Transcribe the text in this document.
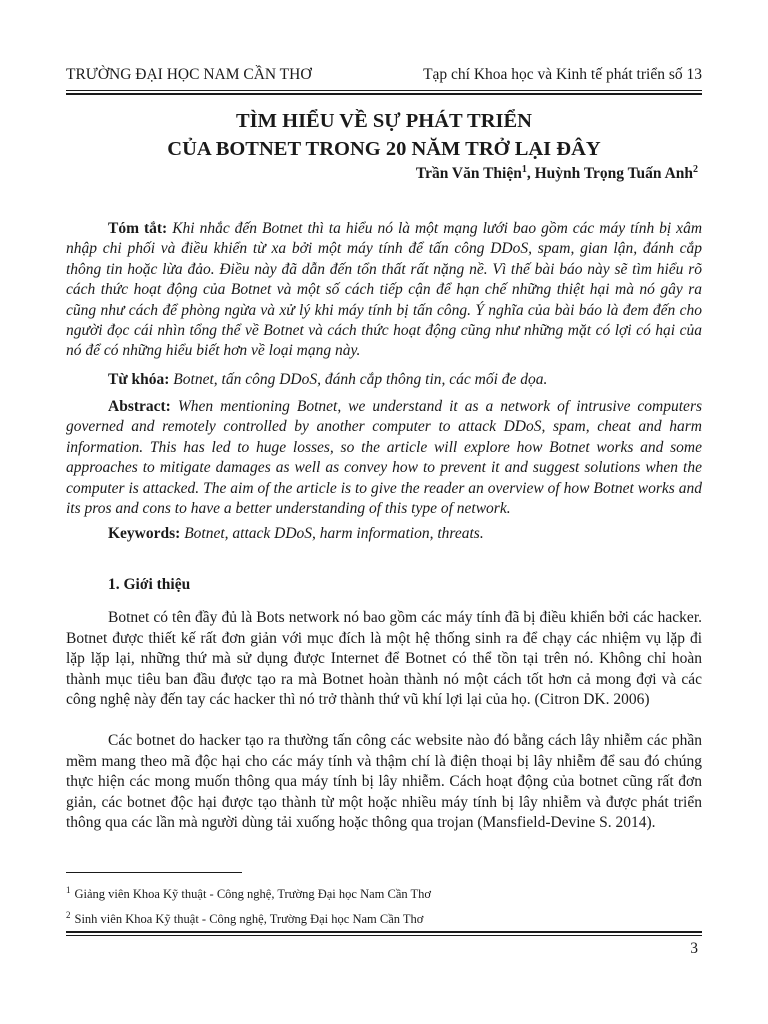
TRƯỜNG ĐẠI HỌC NAM CẦN THƠ	Tạp chí Khoa học và Kinh tế phát triển số 13
TÌM HIỂU VỀ SỰ PHÁT TRIỂN
CỦA BOTNET TRONG 20 NĂM TRỞ LẠI ĐÂY
Trần Văn Thiện$^1$, Huỳnh Trọng Tuấn Anh$^2$
Tóm tắt: Khi nhắc đến Botnet thì ta hiểu nó là một mạng lưới bao gồm các máy tính bị xâm nhập chi phối và điều khiển từ xa bởi một máy tính để tấn công DDoS, spam, gian lận, đánh cắp thông tin hoặc lừa đảo. Điều này đã dẫn đến tổn thất rất nặng nề. Vì thế bài báo này sẽ tìm hiểu rõ cách thức hoạt động của Botnet và một số cách tiếp cận để hạn chế những thiệt hại mà nó gây ra cũng như cách để phòng ngừa và xử lý khi máy tính bị tấn công. Ý nghĩa của bài báo là đem đến cho người đọc cái nhìn tổng thể về Botnet và cách thức hoạt động cũng như những mặt có lợi có hại của nó để có những hiểu biết hơn về loại mạng này.
Từ khóa: Botnet, tấn công DDoS, đánh cắp thông tin, các mối đe dọa.
Abstract: When mentioning Botnet, we understand it as a network of intrusive computers governed and remotely controlled by another computer to attack DDoS, spam, cheat and harm information. This has led to huge losses, so the article will explore how Botnet works and some approaches to mitigate damages as well as convey how to prevent it and suggest solutions when the computer is attacked. The aim of the article is to give the reader an overview of how Botnet works and its pros and cons to have a better understanding of this type of network.
Keywords: Botnet, attack DDoS, harm information, threats.
1. Giới thiệu
Botnet có tên đầy đủ là Bots network nó bao gồm các máy tính đã bị điều khiển bởi các hacker. Botnet được thiết kế rất đơn giản với mục đích là một hệ thống sinh ra để chạy các nhiệm vụ lặp đi lặp lặp lại, những thứ mà sử dụng được Internet để Botnet có thể tồn tại trên nó. Không chỉ hoàn thành mục tiêu ban đầu được tạo ra mà Botnet hoàn thành nó một cách tốt hơn cả mong đợi và các công nghệ này đến tay các hacker thì nó trở thành thứ vũ khí lợi lại của họ. (Citron DK. 2006)
Các botnet do hacker tạo ra thường tấn công các website nào đó bằng cách lây nhiễm các phần mềm mang theo mã độc hại cho các máy tính và thậm chí là điện thoại bị lây nhiễm để sau đó chúng thực hiện các mong muốn thông qua máy tính bị lây nhiễm. Cách hoạt động của botnet cũng rất đơn giản, các botnet độc hại được tạo thành từ một hoặc nhiều máy tính bị lây nhiễm và được phát triển thông qua các lần mà người dùng tải xuống hoặc thông qua trojan (Mansfield-Devine S. 2014).
$^1$ Giảng viên Khoa Kỹ thuật - Công nghệ, Trường Đại học Nam Cần Thơ
$^2$ Sinh viên Khoa Kỹ thuật - Công nghệ, Trường Đại học Nam Cần Thơ
3
